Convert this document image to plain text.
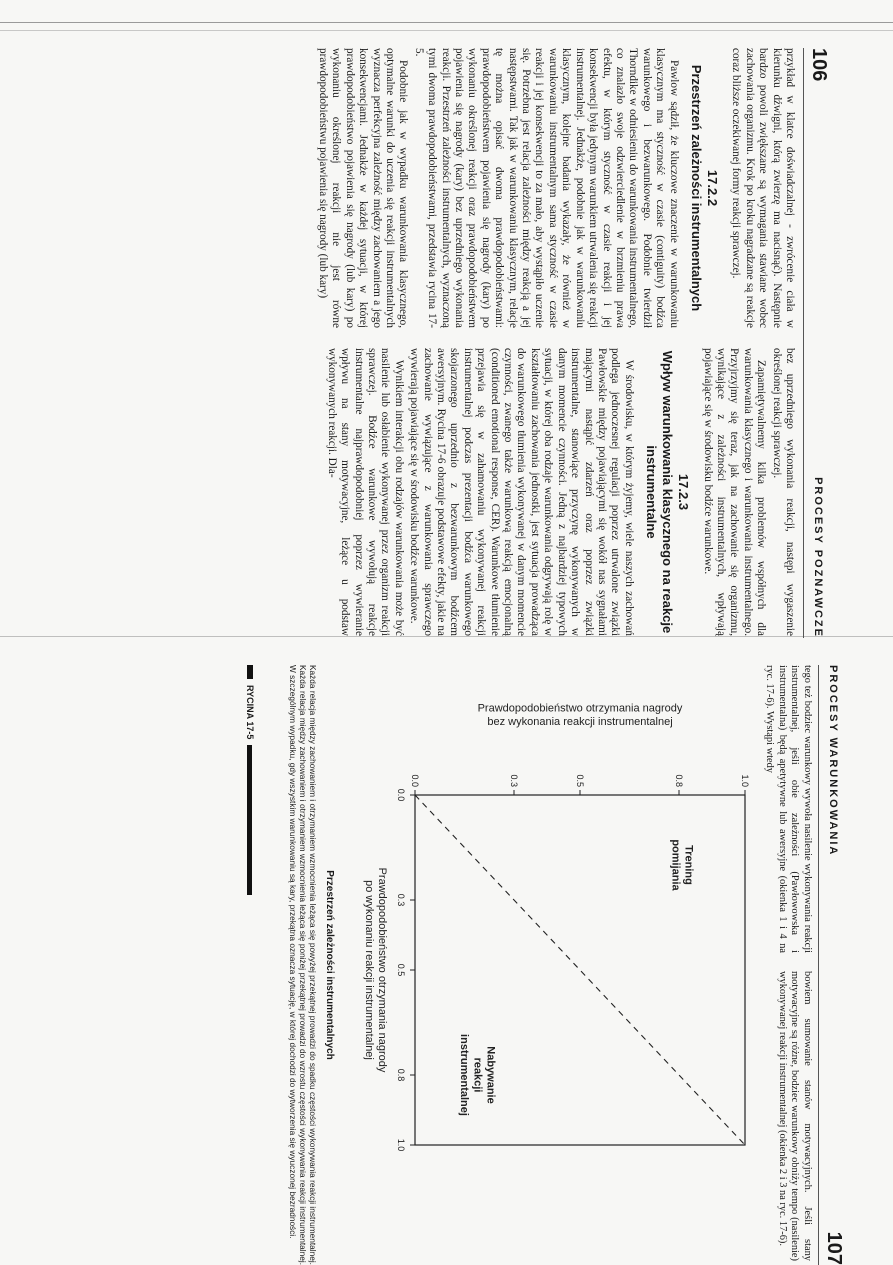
106
PROCESY POZNAWCZE

przykład w klatce doświadczalnej - zwrócenie ciała w kierunku dźwigni, którą zwierzę ma nacisnąć). Następnie bardzo powoli zwiększane są wymagania stawiane wobec zachowania organizmu. Krok po kroku nagradzane są reakcje coraz bliższe oczekiwanej formy reakcji sprawczej.

17.2.2
Przestrzeń zależności instrumentalnych

Pawlow sądził, że kluczowe znaczenie w warunkowaniu klasycznym ma styczność w czasie (contiguity) bodźca warunkowego i bezwarunkowego. Podobnie twierdził Thorndike w odniesieniu do warunkowania instrumentalnego, co znalazło swoje odzwierciedlenie w brzmieniu prawa efektu, w którym styczność w czasie reakcji i jej konsekwencji była jedynym warunkiem utrwalenia się reakcji instrumentalnej. Jednakże, podobnie jak w warunkowaniu klasycznym, kolejne badania wykazały, że również w warunkowaniu instrumentalnym sama styczność w czasie reakcji i jej konsekwencji to za mało, aby wystąpiło uczenie się. Potrzebna jest relacja zależności między reakcją a jej następstwami. Tak jak w warunkowaniu klasycznym, relacje tę można opisać dwoma prawdopodobieństwami: prawdopodobieństwem pojawienia się nagrody (kary) po wykonaniu określonej reakcji oraz prawdopodobieństwem pojawienia się nagrody (kary) bez uprzedniego wykonania reakcji. Przestrzeń zależności instrumentalnych, wyznaczoną tymi dwoma prawdopodobieństwami, przedstawia rycina 17-5.

Podobnie jak w wypadku warunkowania klasycznego, optymalne warunki do uczenia się reakcji instrumentalnych wyznacza perfekcyjna zależność między zachowaniem a jego konsekwencjami. Jednakże w każdej sytuacji, w której prawdopodobieństwo pojawienia się nagrody (lub kary) po wykonaniu określonej reakcji nie jest równe prawdopodobieństwu pojawienia się nagrody (lub kary)

bez uprzedniego wykonania reakcji, następi wygaszenie określonej reakcji sprawczej.

Zapamiętywalnemy kilka problemów współnych dla warunkowania klasycznego i warunkowania instrumentalnego. Przyjrzyjmy się teraz, jak na zachowanie się organizmu, wynikające z zależności instrumentalnych, wpływają pojawiające się w środowisku bodźce warunkowe.

17.2.3
Wpływ warunkowania klasycznego na reakcje instrumentalne

W środowisku, w którym żyjemy, wiele naszych zachowań podlega jednoczesnej regulacji poprzez utrwalone związki Pawłowskie między pojawiającymi się wokół nas sygnałami mającymi nastąpić zdarzeń oraz poprzez związki instrumentalne, stanowiące przyczynę wykonywanych w danym momencie czynności. Jedną z najbardziej typowych sytuacji, w której oba rodzaje warunkowania odgrywają rolę w kształtowaniu zachowania jednostki, jest sytuacja prowadząca do warunkowego tłumienia wykonywanej w danym momencie czynności, zwanego także warunkową reakcją emocjonalną (conditioned emotional response, CER). Warunkowe tłumienie przejawia się w zahamowaniu wykonywanej reakcji instrumentalnej podczas prezentacji bodźca warunkowego skojarzonego uprzednio z bezwarunkowym bodźcem awersyjnym. Rycina 17-6 obrazuje podstawowe efekty, jakie na zachowanie wywiązujące z warunkowania sprawczego wywierają pojawiające się w środowisku bodźce warunkowe.

Wynikiem interakcji obu rodzajów warunkowania może być nasilenie lub osłabienie wykonywanej przez organizm reakcji sprawczej. Bodźce warunkowe wywołują reakcje instrumentalne najprawdopodobniej poprzez wywieranie wpływu na stany motywacyjne, leżące u podstaw wykonywanych reakcji. Dla-

PROCESY WARUNKOWANIA
107

tego też bodziec warunkowy wywoła nasilenie wykonywania reakcji instrumentalnej, jeśli obie zależności (Pawłowowska i instrumentalna) będą apetytywne lub awersyjne (okienka 1 i 4 na ryc. 17-6). Wystąpi wtedy

bowiem sumowanie stanów motywacyjnych. Jeśli stany motywacyjne są różne, bodziec warunkowy obniży tempo (nasilenie) wykonywanej reakcji instrumentalnej (okienka 2 i 3 na ryc. 17-6).

0.0
0.3
0.5
0.8
1.0
0.0	0.3	0.5	0.8	1.0
Prawdopodobieństwo otrzymania nagrody bez wykonania reakcji instrumentalnej
Prawdopodobieństwo otrzymania nagrodypo wykonaniu reakcji instrumentalnej
Treningpomijania
Nabywaniereakcjiinstrumentalnej
Przestrzeń zależności instrumentalnych
Każda relacja między zachowaniem i otrzymaniem wzmocnienia leżąca się powyżej przekątnej prowadzi do spadku częstości wykonywania reakcji instrumentalnej. Każda relacja między zachowaniem i otrzymaniem wzmocnienia leżąca się poniżej przekątnej prowadzi do wzrostu częstości wykonywania reakcji instrumentalnej. W szczególnym wypadku, gdy wszystkim warunkowaniu są kary, przekątna oznacza sytuację, w której dochodzi do wytworzenia się wyuczonej bezradności.
RYCINA 17-5
